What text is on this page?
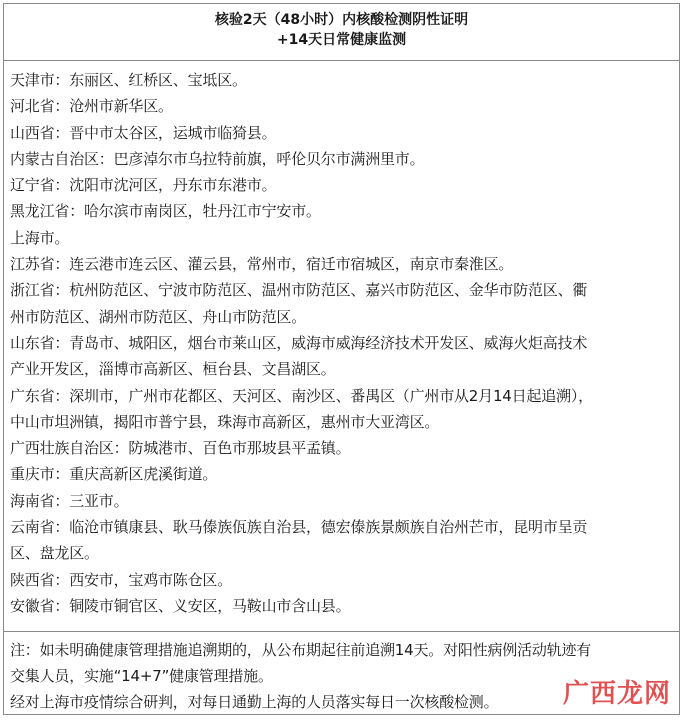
核验2天（48小时）内核酸检测阴性证明
+14天日常健康监测
天津市：东丽区、红桥区、宝坻区。
河北省：沧州市新华区。
山西省：晋中市太谷区，运城市临猗县。
内蒙古自治区：巴彦淖尔市乌拉特前旗，呼伦贝尔市满洲里市。
辽宁省：沈阳市沈河区，丹东市东港市。
黑龙江省：哈尔滨市南岗区，牡丹江市宁安市。
上海市。
江苏省：连云港市连云区、灌云县，常州市，宿迁市宿城区，南京市秦淮区。
浙江省：杭州防范区、宁波市防范区、温州市防范区、嘉兴市防范区、金华市防范区、衢
州市防范区、湖州市防范区、舟山市防范区。
山东省：青岛市、城阳区，烟台市莱山区，威海市威海经济技术开发区、威海火炬高技术
产业开发区，淄博市高新区、桓台县、文昌湖区。
广东省：深圳市，广州市花都区、天河区、南沙区、番禺区（广州市从2月14日起追溯），
中山市坦洲镇，揭阳市普宁县，珠海市高新区，惠州市大亚湾区。
广西壮族自治区：防城港市、百色市那坡县平孟镇。
重庆市：重庆高新区虎溪街道。
海南省：三亚市。
云南省：临沧市镇康县、耿马傣族佤族自治县，德宏傣族景颇族自治州芒市，昆明市呈贡
区、盘龙区。
陕西省：西安市，宝鸡市陈仓区。
安徽省：铜陵市铜官区、义安区，马鞍山市含山县。
注：如未明确健康管理措施追溯期的，从公布期起往前追溯14天。对阳性病例活动轨迹有
交集人员，实施“14+7”健康管理措施。
经对上海市疫情综合研判，对每日通勤上海的人员落实每日一次核酸检测。	广西龙网
